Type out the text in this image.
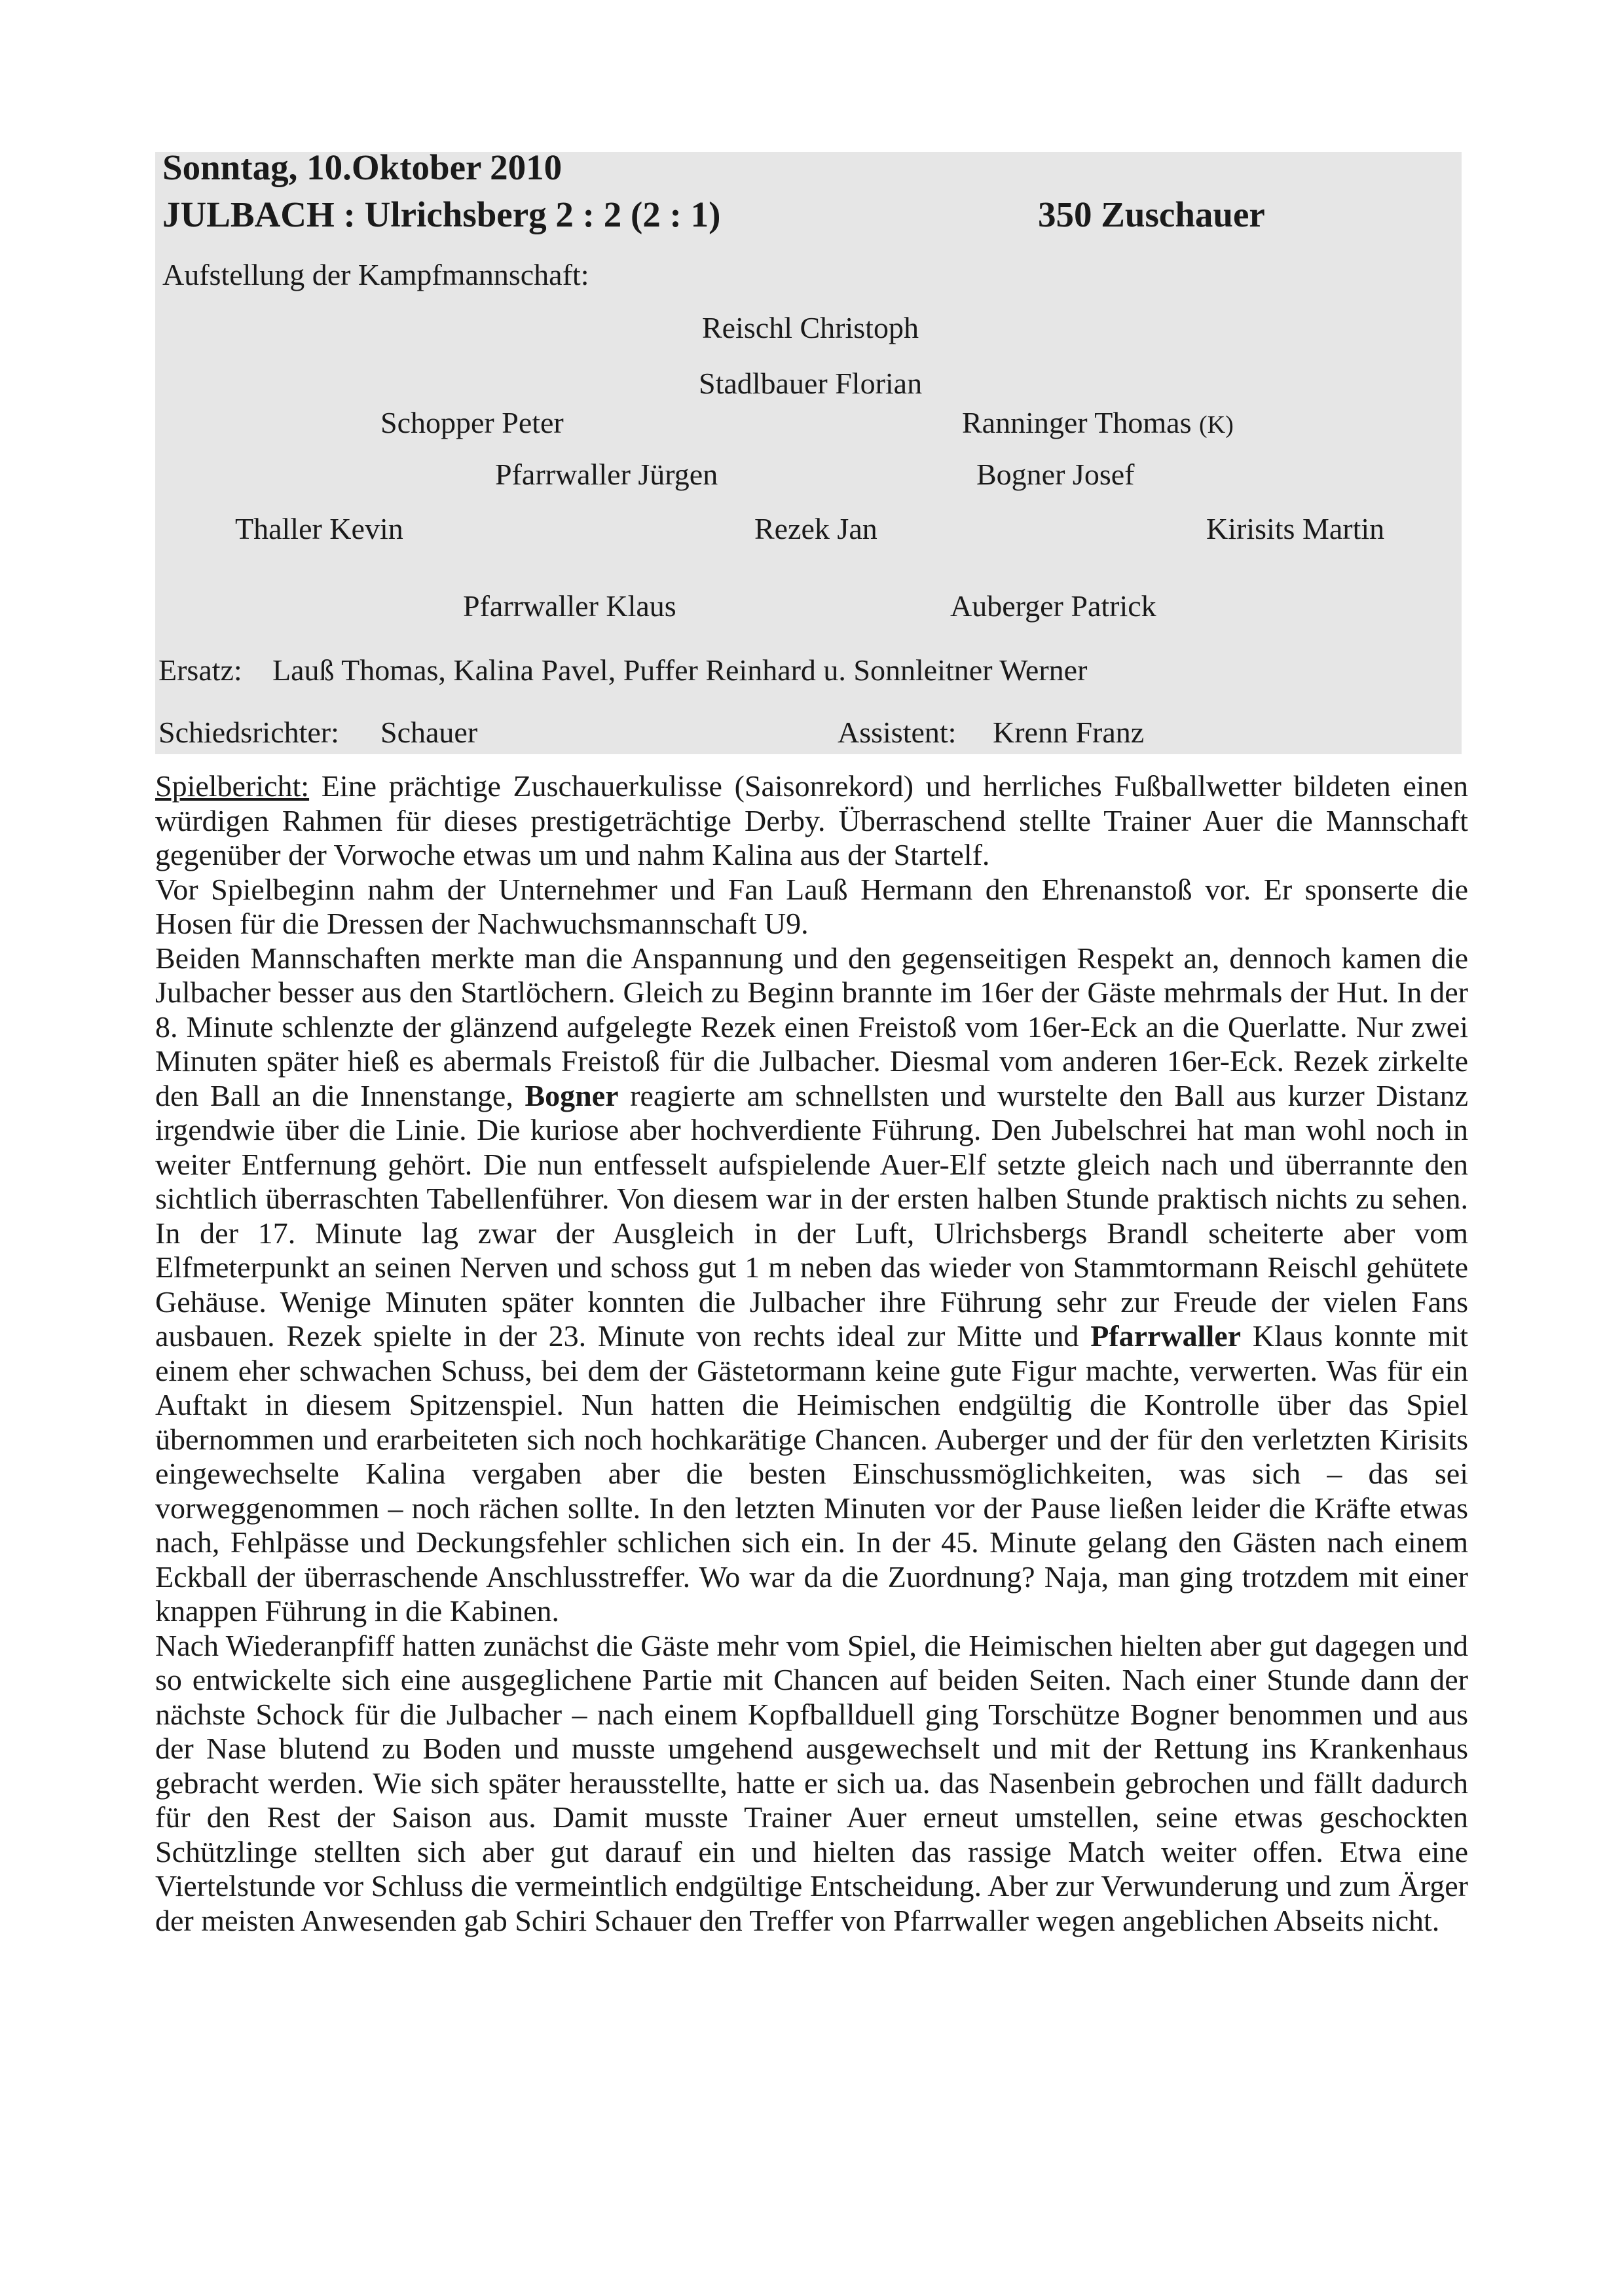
Sonntag, 10.Oktober 2010
JULBACH : Ulrichsberg 2 : 2 (2 : 1)	350 Zuschauer
Aufstellung der Kampfmannschaft:
Reischl Christoph
Stadlbauer Florian
Schopper Peter	Ranninger Thomas (K)
Pfarrwaller Jürgen	Bogner Josef
Thaller Kevin	Rezek Jan	Kirisits Martin
Pfarrwaller Klaus	Auberger Patrick
Ersatz: Lauß Thomas, Kalina Pavel, Puffer Reinhard u. Sonnleitner Werner
Schiedsrichter: Schauer	Assistent: Krenn Franz

Spielbericht: Eine prächtige Zuschauerkulisse (Saisonrekord) und herrliches Fußballwetter bildeten einen würdigen Rahmen für dieses prestigeträchtige Derby. Überraschend stellte Trainer Auer die Mannschaft gegenüber der Vorwoche etwas um und nahm Kalina aus der Startelf.

Vor Spielbeginn nahm der Unternehmer und Fan Lauß Hermann den Ehrenanstoß vor. Er sponserte die Hosen für die Dressen der Nachwuchsmannschaft U9.

Beiden Mannschaften merkte man die Anspannung und den gegenseitigen Respekt an, dennoch kamen die Julbacher besser aus den Startlöchern. Gleich zu Beginn brannte im 16er der Gäste mehrmals der Hut. In der 8. Minute schlenzte der glänzend aufgelegte Rezek einen Freistoß vom 16er-Eck an die Querlatte. Nur zwei Minuten später hieß es abermals Freistoß für die Julbacher. Diesmal vom anderen 16er-Eck. Rezek zirkelte den Ball an die Innenstange, Bogner reagierte am schnellsten und wurstelte den Ball aus kurzer Distanz irgendwie über die Linie. Die kuriose aber hochverdiente Führung. Den Jubelschrei hat man wohl noch in weiter Entfernung gehört. Die nun entfesselt aufspielende Auer-Elf setzte gleich nach und überrannte den sichtlich überraschten Tabellenführer. Von diesem war in der ersten halben Stunde praktisch nichts zu sehen. In der 17. Minute lag zwar der Ausgleich in der Luft, Ulrichsbergs Brandl scheiterte aber vom Elfmeterpunkt an seinen Nerven und schoss gut 1 m neben das wieder von Stammtormann Reischl gehütete Gehäuse. Wenige Minuten später konnten die Julbacher ihre Führung sehr zur Freude der vielen Fans ausbauen. Rezek spielte in der 23. Minute von rechts ideal zur Mitte und Pfarrwaller Klaus konnte mit einem eher schwachen Schuss, bei dem der Gästetormann keine gute Figur machte, verwerten. Was für ein Auftakt in diesem Spitzenspiel. Nun hatten die Heimischen endgültig die Kontrolle über das Spiel übernommen und erarbeiteten sich noch hochkarätige Chancen. Auberger und der für den verletzten Kirisits eingewechselte Kalina vergaben aber die besten Einschussmöglichkeiten, was sich – das sei vorweggenommen – noch rächen sollte. In den letzten Minuten vor der Pause ließen leider die Kräfte etwas nach, Fehlpässe und Deckungsfehler schlichen sich ein. In der 45. Minute gelang den Gästen nach einem Eckball der überraschende Anschlusstreffer. Wo war da die Zuordnung? Naja, man ging trotzdem mit einer knappen Führung in die Kabinen.

Nach Wiederanpfiff hatten zunächst die Gäste mehr vom Spiel, die Heimischen hielten aber gut dagegen und so entwickelte sich eine ausgeglichene Partie mit Chancen auf beiden Seiten. Nach einer Stunde dann der nächste Schock für die Julbacher – nach einem Kopfballduell ging Torschütze Bogner benommen und aus der Nase blutend zu Boden und musste umgehend ausgewechselt und mit der Rettung ins Krankenhaus gebracht werden. Wie sich später herausstellte, hatte er sich ua. das Nasenbein gebrochen und fällt dadurch für den Rest der Saison aus. Damit musste Trainer Auer erneut umstellen, seine etwas geschockten Schützlinge stellten sich aber gut darauf ein und hielten das rassige Match weiter offen. Etwa eine Viertelstunde vor Schluss die vermeintlich endgültige Entscheidung. Aber zur Verwunderung und zum Ärger der meisten Anwesenden gab Schiri Schauer den Treffer von Pfarrwaller wegen angeblichen Abseits nicht.
